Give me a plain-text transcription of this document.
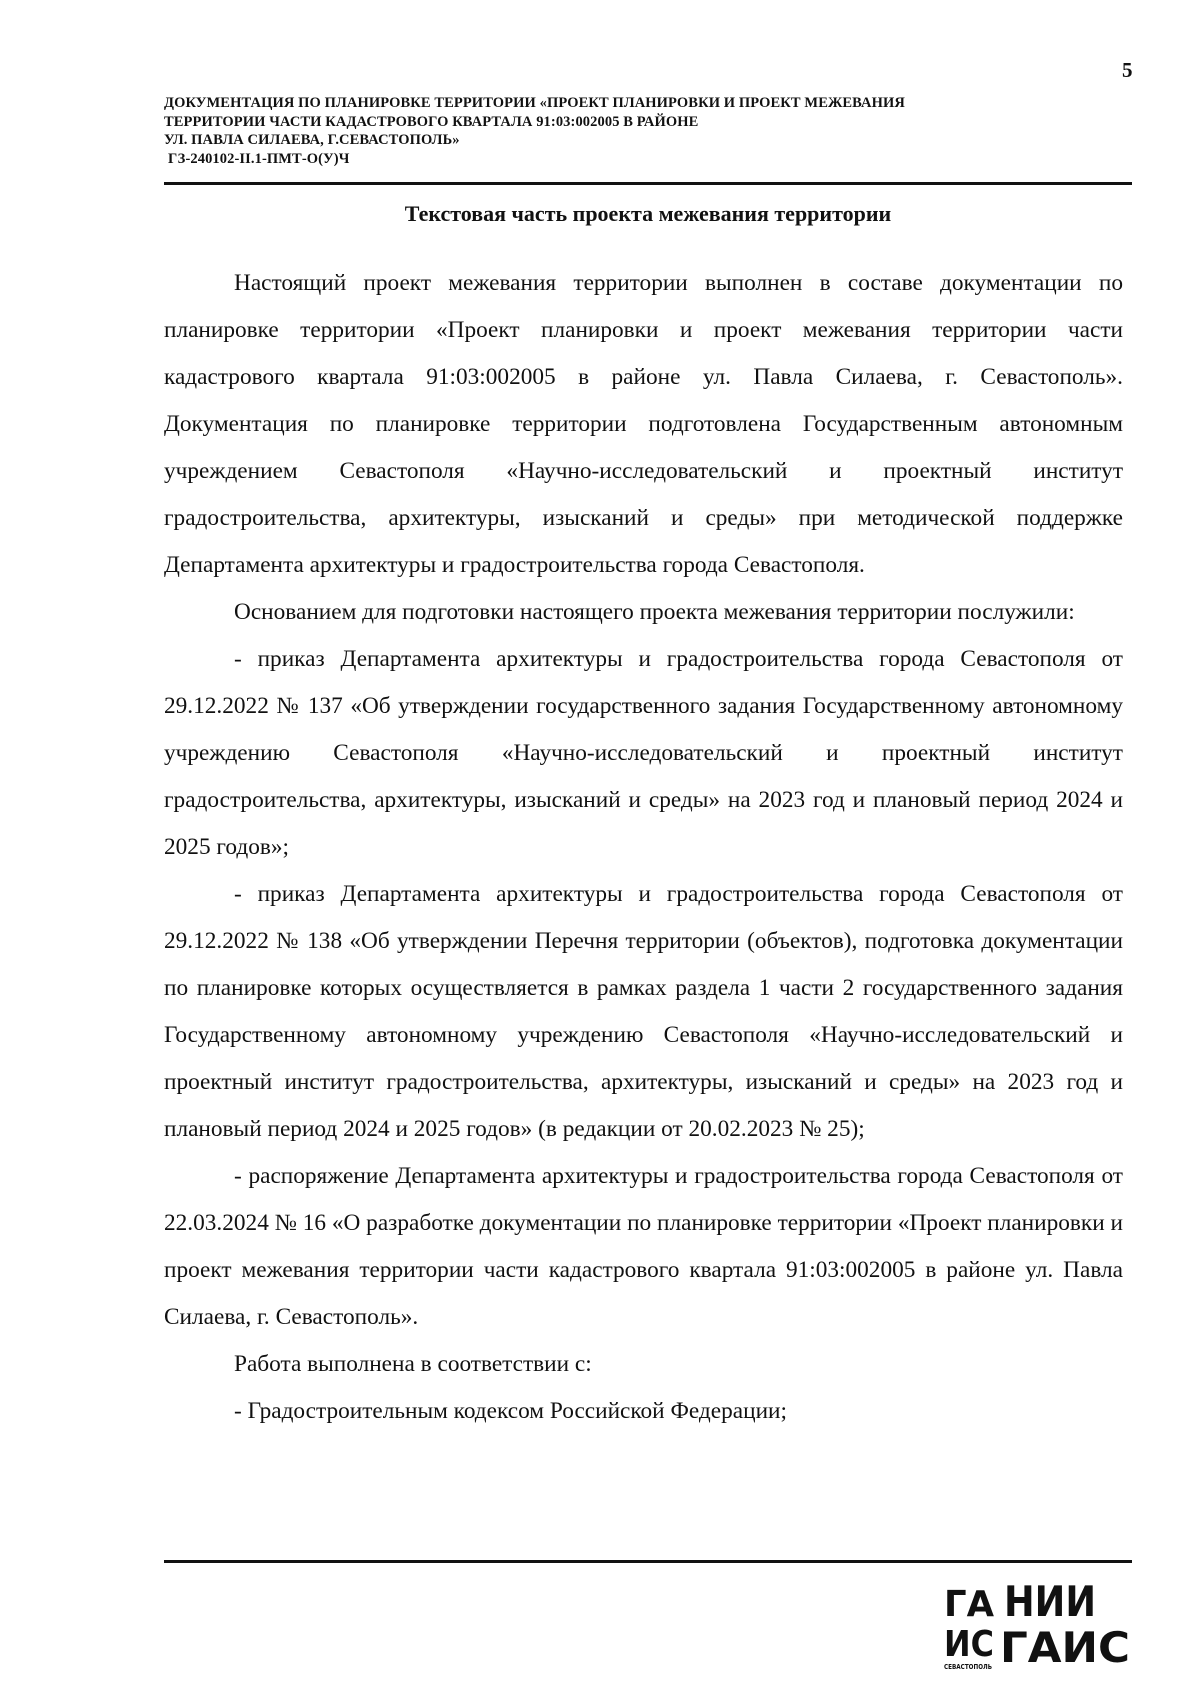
5
ДОКУМЕНТАЦИЯ ПО ПЛАНИРОВКЕ ТЕРРИТОРИИ «ПРОЕКТ ПЛАНИРОВКИ И ПРОЕКТ МЕЖЕВАНИЯ
ТЕРРИТОРИИ ЧАСТИ КАДАСТРОВОГО КВАРТАЛА 91:03:002005 В РАЙОНЕ
УЛ. ПАВЛА СИЛАЕВА, Г.СЕВАСТОПОЛЬ»
ГЗ-240102-II.1-ПМТ-О(У)Ч
Текстовая часть проекта межевания территории

Настоящий проект межевания территории выполнен в составе документации по планировке территории «Проект планировки и проект межевания территории части кадастрового квартала 91:03:002005 в районе ул. Павла Силаева, г. Севастополь». Документация по планировке территории подготовлена Государственным автономным учреждением Севастополя «Научно-исследовательский и проектный институт градостроительства, архитектуры, изысканий и среды» при методической поддержке Департамента архитектуры и градостроительства города Севастополя.

Основанием для подготовки настоящего проекта межевания территории послужили:

- приказ Департамента архитектуры и градостроительства города Севастополя от 29.12.2022 № 137 «Об утверждении государственного задания Государственному автономному учреждению Севастополя «Научно-исследовательский и проектный институт градостроительства, архитектуры, изысканий и среды» на 2023 год и плановый период 2024 и 2025 годов»;

- приказ Департамента архитектуры и градостроительства города Севастополя от 29.12.2022 № 138 «Об утверждении Перечня территории (объектов), подготовка документации по планировке которых осуществляется в рамках раздела 1 части 2 государственного задания Государственному автономному учреждению Севастополя «Научно-исследовательский и проектный институт градостроительства, архитектуры, изысканий и среды» на 2023 год и плановый период 2024 и 2025 годов» (в редакции от 20.02.2023 № 25);

- распоряжение Департамента архитектуры и градостроительства города Севастополя от 22.03.2024 № 16 «О разработке документации по планировке территории «Проект планировки и проект межевания территории части кадастрового квартала 91:03:002005 в районе ул. Павла Силаева, г. Севастополь».

Работа выполнена в соответствии с:

- Градостроительным кодексом Российской Федерации;

ГА
ИС
СЕВАСТОПОЛЬ
НИИ
ГАИС
